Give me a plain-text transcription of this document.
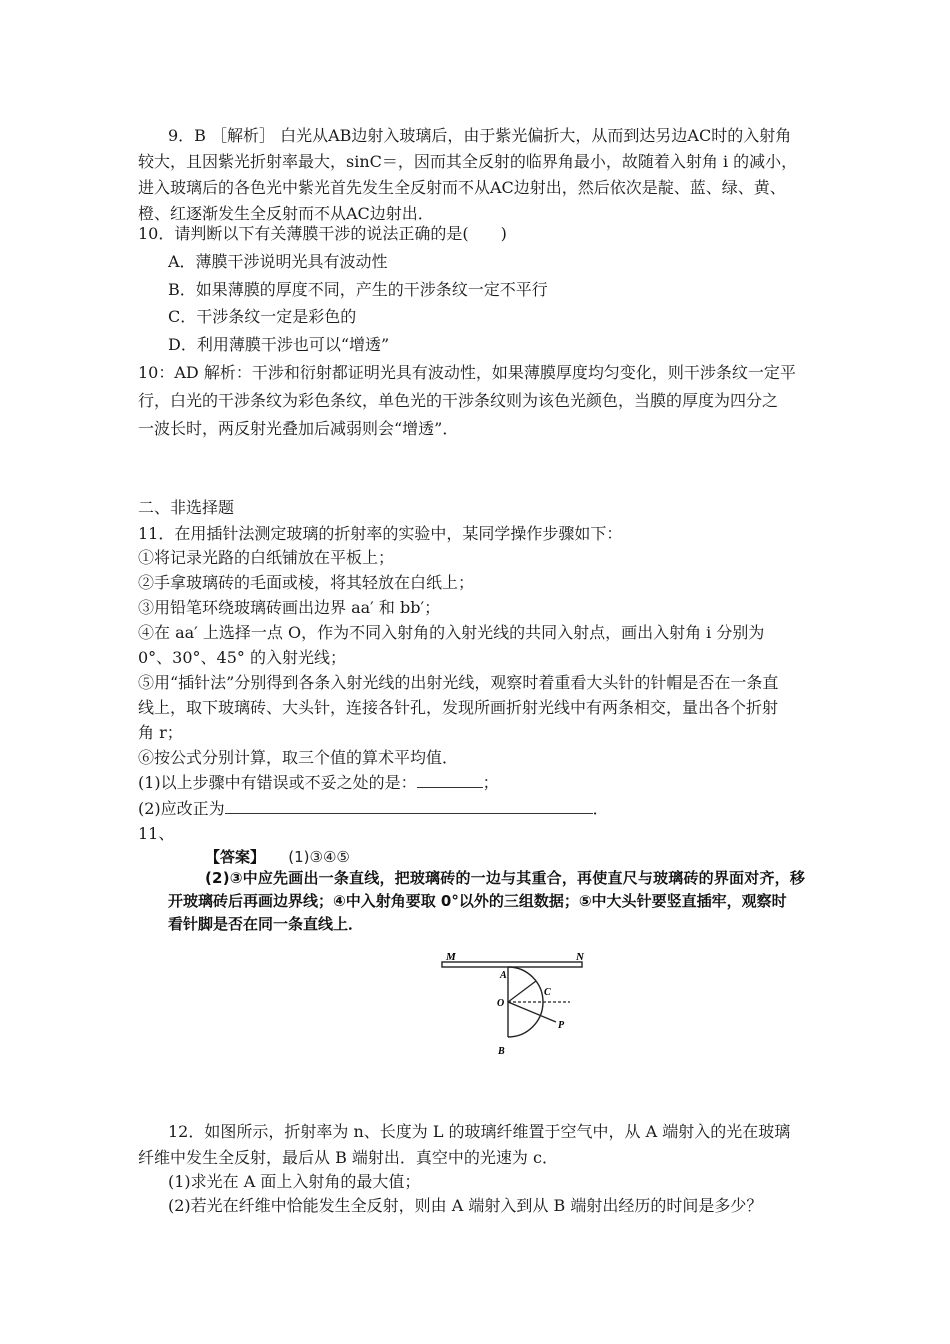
9．B ［解析］ 白光从AB边射入玻璃后，由于紫光偏折大，从而到达另边AC时的入射角
较大，且因紫光折射率最大，sinC＝，因而其全反射的临界角最小，故随着入射角 i 的减小，
进入玻璃后的各色光中紫光首先发生全反射而不从AC边射出，然后依次是靛、蓝、绿、黄、
橙、红逐渐发生全反射而不从AC边射出．
10．请判断以下有关薄膜干涉的说法正确的是(　　)
A．薄膜干涉说明光具有波动性
B．如果薄膜的厚度不同，产生的干涉条纹一定不平行
C．干涉条纹一定是彩色的
D．利用薄膜干涉也可以“增透”
10：AD 解析：干涉和衍射都证明光具有波动性，如果薄膜厚度均匀变化，则干涉条纹一定平
行，白光的干涉条纹为彩色条纹，单色光的干涉条纹则为该色光颜色，当膜的厚度为四分之
一波长时，两反射光叠加后减弱则会“增透”．
二、非选择题
11．在用插针法测定玻璃的折射率的实验中，某同学操作步骤如下：
①将记录光路的白纸铺放在平板上；
②手拿玻璃砖的毛面或棱，将其轻放在白纸上；
③用铅笔环绕玻璃砖画出边界 aa′ 和 bb′；
④在 aa′ 上选择一点 O，作为不同入射角的入射光线的共同入射点，画出入射角 i 分别为
0°、30°、45° 的入射光线；
⑤用“插针法”分别得到各条入射光线的出射光线，观察时着重看大头针的针帽是否在一条直
线上，取下玻璃砖、大头针，连接各针孔，发现所画折射光线中有两条相交，量出各个折射
角 r；
⑥按公式分别计算，取三个值的算术平均值．
(1)以上步骤中有错误或不妥之处的是：	；
(2)应改正为	．
11、
【答案】 (1)③④⑤
(2)③中应先画出一条直线，把玻璃砖的一边与其重合，再使直尺与玻璃砖的界面对齐，移
开玻璃砖后再画边界线；④中入射角要取 0°以外的三组数据；⑤中大头针要竖直插牢，观察时
看针脚是否在同一条直线上．
M	N
A
O
C
P
B
12．如图所示，折射率为 n、长度为 L 的玻璃纤维置于空气中，从 A 端射入的光在玻璃
纤维中发生全反射，最后从 B 端射出．真空中的光速为 c．
(1)求光在 A 面上入射角的最大值；
(2)若光在纤维中恰能发生全反射，则由 A 端射入到从 B 端射出经历的时间是多少？
